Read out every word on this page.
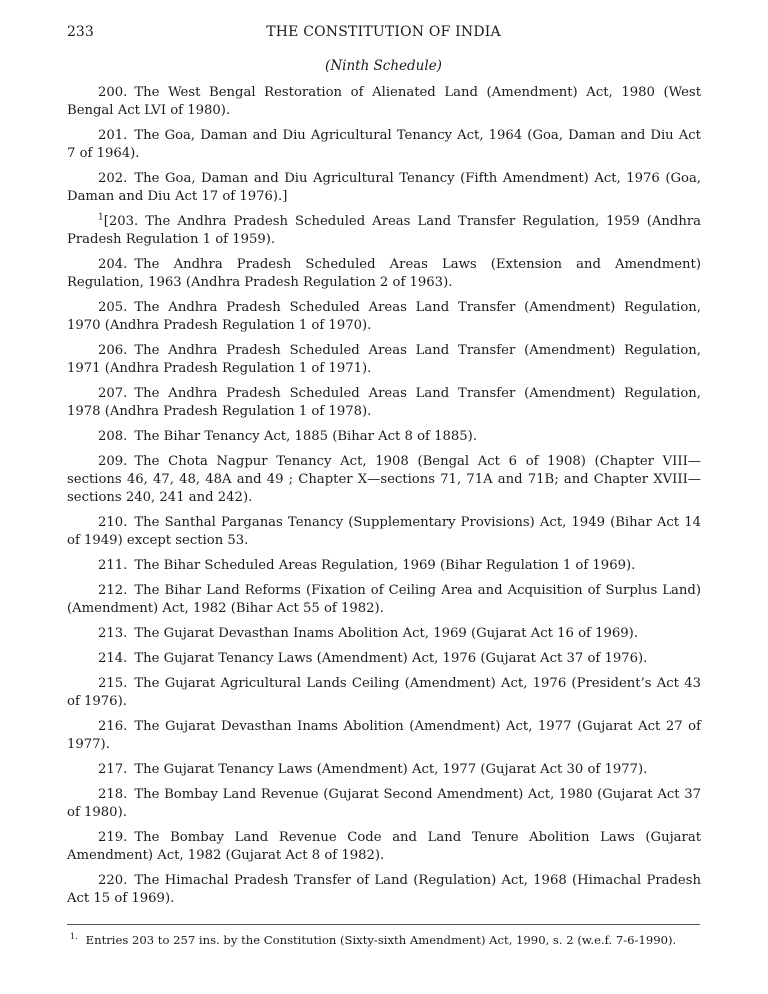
233	THE CONSTITUTION OF INDIA
(Ninth Schedule)

200. The West Bengal Restoration of Alienated Land (Amendment) Act, 1980 (West Bengal Act LVI of 1980).

201. The Goa, Daman and Diu Agricultural Tenancy Act, 1964 (Goa, Daman and Diu Act 7 of 1964).

202. The Goa, Daman and Diu Agricultural Tenancy (Fifth Amendment) Act, 1976 (Goa, Daman and Diu Act 17 of 1976).]

$^1$[203. The Andhra Pradesh Scheduled Areas Land Transfer Regulation, 1959 (Andhra Pradesh Regulation 1 of 1959).

204. The Andhra Pradesh Scheduled Areas Laws (Extension and Amendment) Regulation, 1963 (Andhra Pradesh Regulation 2 of 1963).

205. The Andhra Pradesh Scheduled Areas Land Transfer (Amendment) Regulation, 1970 (Andhra Pradesh Regulation 1 of 1970).

206. The Andhra Pradesh Scheduled Areas Land Transfer (Amendment) Regulation, 1971 (Andhra Pradesh Regulation 1 of 1971).

207. The Andhra Pradesh Scheduled Areas Land Transfer (Amendment) Regulation, 1978 (Andhra Pradesh Regulation 1 of 1978).

208. The Bihar Tenancy Act, 1885 (Bihar Act 8 of 1885).

209. The Chota Nagpur Tenancy Act, 1908 (Bengal Act 6 of 1908) (Chapter VIII— sections 46, 47, 48, 48A and 49 ; Chapter X—sections 71, 71A and 71B; and Chapter XVIII— sections 240, 241 and 242).

210. The Santhal Parganas Tenancy (Supplementary Provisions) Act, 1949 (Bihar Act 14 of 1949) except section 53.

211. The Bihar Scheduled Areas Regulation, 1969 (Bihar Regulation 1 of 1969).

212. The Bihar Land Reforms (Fixation of Ceiling Area and Acquisition of Surplus Land) (Amendment) Act, 1982 (Bihar Act 55 of 1982).

213. The Gujarat Devasthan Inams Abolition Act, 1969 (Gujarat Act 16 of 1969).

214. The Gujarat Tenancy Laws (Amendment) Act, 1976 (Gujarat Act 37 of 1976).

215. The Gujarat Agricultural Lands Ceiling (Amendment) Act, 1976 (President’s Act 43 of 1976).

216. The Gujarat Devasthan Inams Abolition (Amendment) Act, 1977 (Gujarat Act 27 of 1977).

217. The Gujarat Tenancy Laws (Amendment) Act, 1977 (Gujarat Act 30 of 1977).

218. The Bombay Land Revenue (Gujarat Second Amendment) Act, 1980 (Gujarat Act 37 of 1980).

219. The Bombay Land Revenue Code and Land Tenure Abolition Laws (Gujarat Amendment) Act, 1982 (Gujarat Act 8 of 1982).

220. The Himachal Pradesh Transfer of Land (Regulation) Act, 1968 (Himachal Pradesh Act 15 of 1969).

$^{1.}$ Entries 203 to 257 ins. by the Constitution (Sixty-sixth Amendment) Act, 1990, s. 2 (w.e.f. 7-6-1990).
